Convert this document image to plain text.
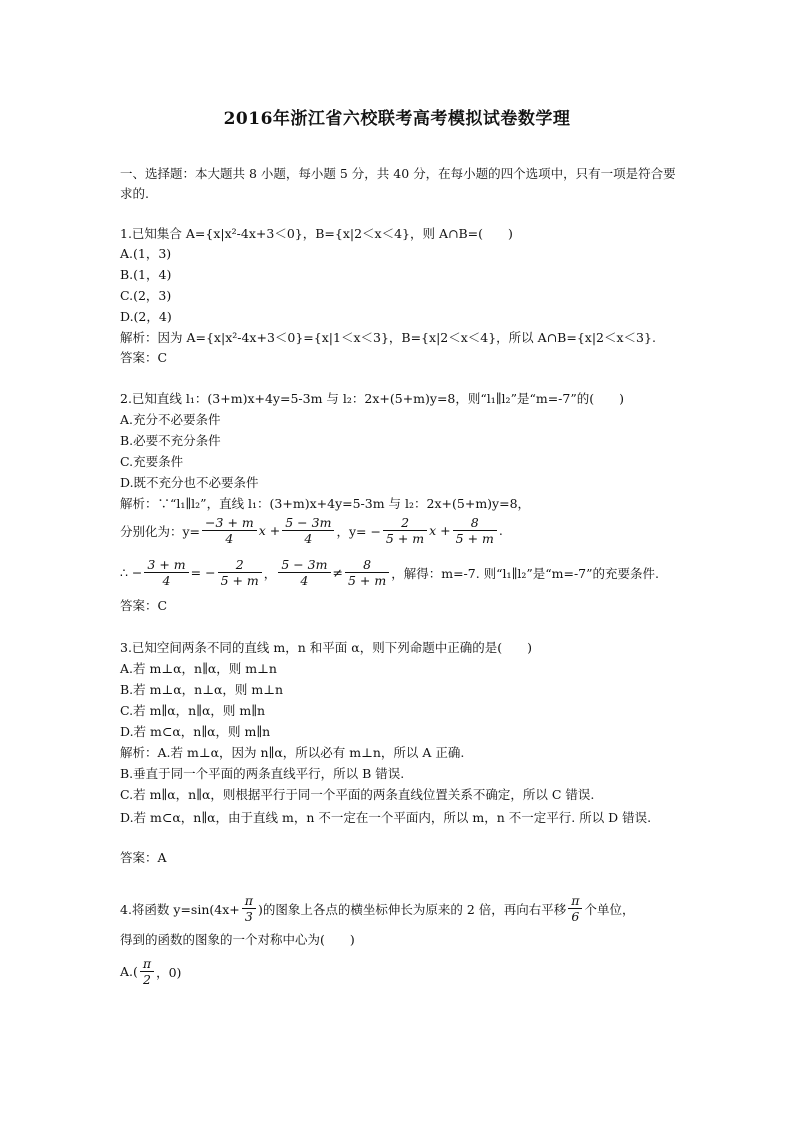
2016年浙江省六校联考高考模拟试卷数学理
一、选择题：本大题共 8 小题，每小题 5 分，共 40 分，在每小题的四个选项中，只有一项是符合要求的.
1.已知集合 A={x|x²-4x+3＜0}，B={x|2＜x＜4}，则 A∩B=(　　)
A.(1，3)
B.(1，4)
C.(2，3)
D.(2，4)
解析：因为 A={x|x²-4x+3＜0}={x|1＜x＜3}，B={x|2＜x＜4}，所以 A∩B={x|2＜x＜3}.
答案：C
2.已知直线 l₁：(3+m)x+4y=5-3m 与 l₂：2x+(5+m)y=8，则“l₁∥l₂”是“m=-7”的(　　)
A.充分不必要条件
B.必要不充分条件
C.充要条件
D.既不充分也不必要条件
解析：∵“l₁∥l₂”，直线 l₁：(3+m)x+4y=5-3m 与 l₂：2x+(5+m)y=8，
分别化为：$y= \frac{-3 + m}{4}$ $x + \frac{5 - 3m}{4}$ ，$y= - \frac{2}{5 + m}$ $x + \frac{8}{5 + m}$ .
∴ − $\frac{3 + m}{4}$ = − $\frac{2}{5 + m}$ ， $\frac{5 - 3m}{4} \ne \frac{8}{5 + m}$ ，解得：m=-7. 则“l₁∥l₂”是“m=-7”的充要条件.
答案：C
3.已知空间两条不同的直线 m，n 和平面 α，则下列命题中正确的是(　　)
A.若 m⊥α，n∥α，则 m⊥n
B.若 m⊥α，n⊥α，则 m⊥n
C.若 m∥α，n∥α，则 m∥n
D.若 m⊂α，n∥α，则 m∥n
解析：A.若 m⊥α，因为 n∥α，所以必有 m⊥n，所以 A 正确.
B.垂直于同一个平面的两条直线平行，所以 B 错误.
C.若 m∥α，n∥α，则根据平行于同一个平面的两条直线位置关系不确定，所以 C 错误.
D.若 m⊂α，n∥α，由于直线 m，n 不一定在一个平面内，所以 m，n 不一定平行. 所以 D 错误.
答案：A
4.将函数 $y=\sin(4x+ \frac{\pi}{3}$ )的图象上各点的横坐标伸长为原来的 2 倍，再向右平移 $\frac{\pi}{6}$ 个单位，
得到的函数的图象的一个对称中心为(　　)
$A.( \frac{\pi}{2}$ ，0)
